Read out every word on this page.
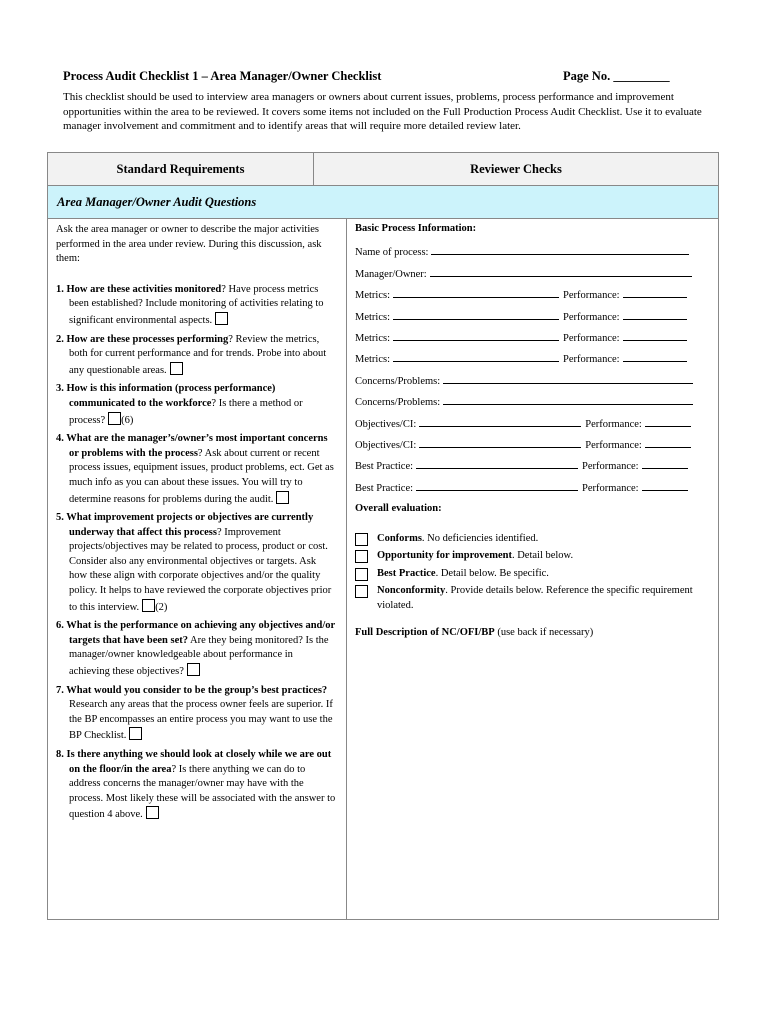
Process Audit Checklist 1 – Area Manager/Owner Checklist	Page No. _________
This checklist should be used to interview area managers or owners about current issues, problems, process performance and improvement opportunities within the area to be reviewed. It covers some items not included on the Full Production Process Audit Checklist. Use it to evaluate manager involvement and commitment and to identify areas that will require more detailed review later.
Standard Requirements	Reviewer Checks
Area Manager/Owner Audit Questions
Ask the area manager or owner to describe the major activities performed in the area under review. During this discussion, ask them:
1. How are these activities monitored? Have process metrics been established? Include monitoring of activities relating to significant environmental aspects.
2. How are these processes performing? Review the metrics, both for current performance and for trends. Probe into about any questionable areas.
3. How is this information (process performance) communicated to the workforce? Is there a method or process? (6)
4. What are the manager’s/owner’s most important concerns or problems with the process? Ask about current or recent process issues, equipment issues, product problems, ect. Get as much info as you can about these issues. You will try to determine reasons for problems during the audit.
5. What improvement projects or objectives are currently underway that affect this process? Improvement projects/objectives may be related to process, product or cost. Consider also any environmental objectives or targets. Ask how these align with corporate objectives and/or the quality policy. It helps to have reviewed the corporate objectives prior to this interview. (2)
6. What is the performance on achieving any objectives and/or targets that have been set? Are they being monitored? Is the manager/owner knowledgeable about performance in achieving these objectives?
7. What would you consider to be the group’s best practices? Research any areas that the process owner feels are superior. If the BP encompasses an entire process you may want to use the BP Checklist.
8. Is there anything we should look at closely while we are out on the floor/in the area? Is there anything we can do to address concerns the manager/owner may have with the process. Most likely these will be associated with the answer to question 4 above.
Basic Process Information:
Name of process:
Manager/Owner:
Metrics:	Performance:
Metrics:	Performance:
Metrics:	Performance:
Metrics:	Performance:
Concerns/Problems:
Concerns/Problems:
Objectives/CI:	Performance:
Objectives/CI:	Performance:
Best Practice:	Performance:
Best Practice:	Performance:
Overall evaluation:
Conforms. No deficiencies identified.
Opportunity for improvement. Detail below.
Best Practice. Detail below. Be specific.
Nonconformity. Provide details below. Reference the specific requirement violated.
Full Description of NC/OFI/BP (use back if necessary)
